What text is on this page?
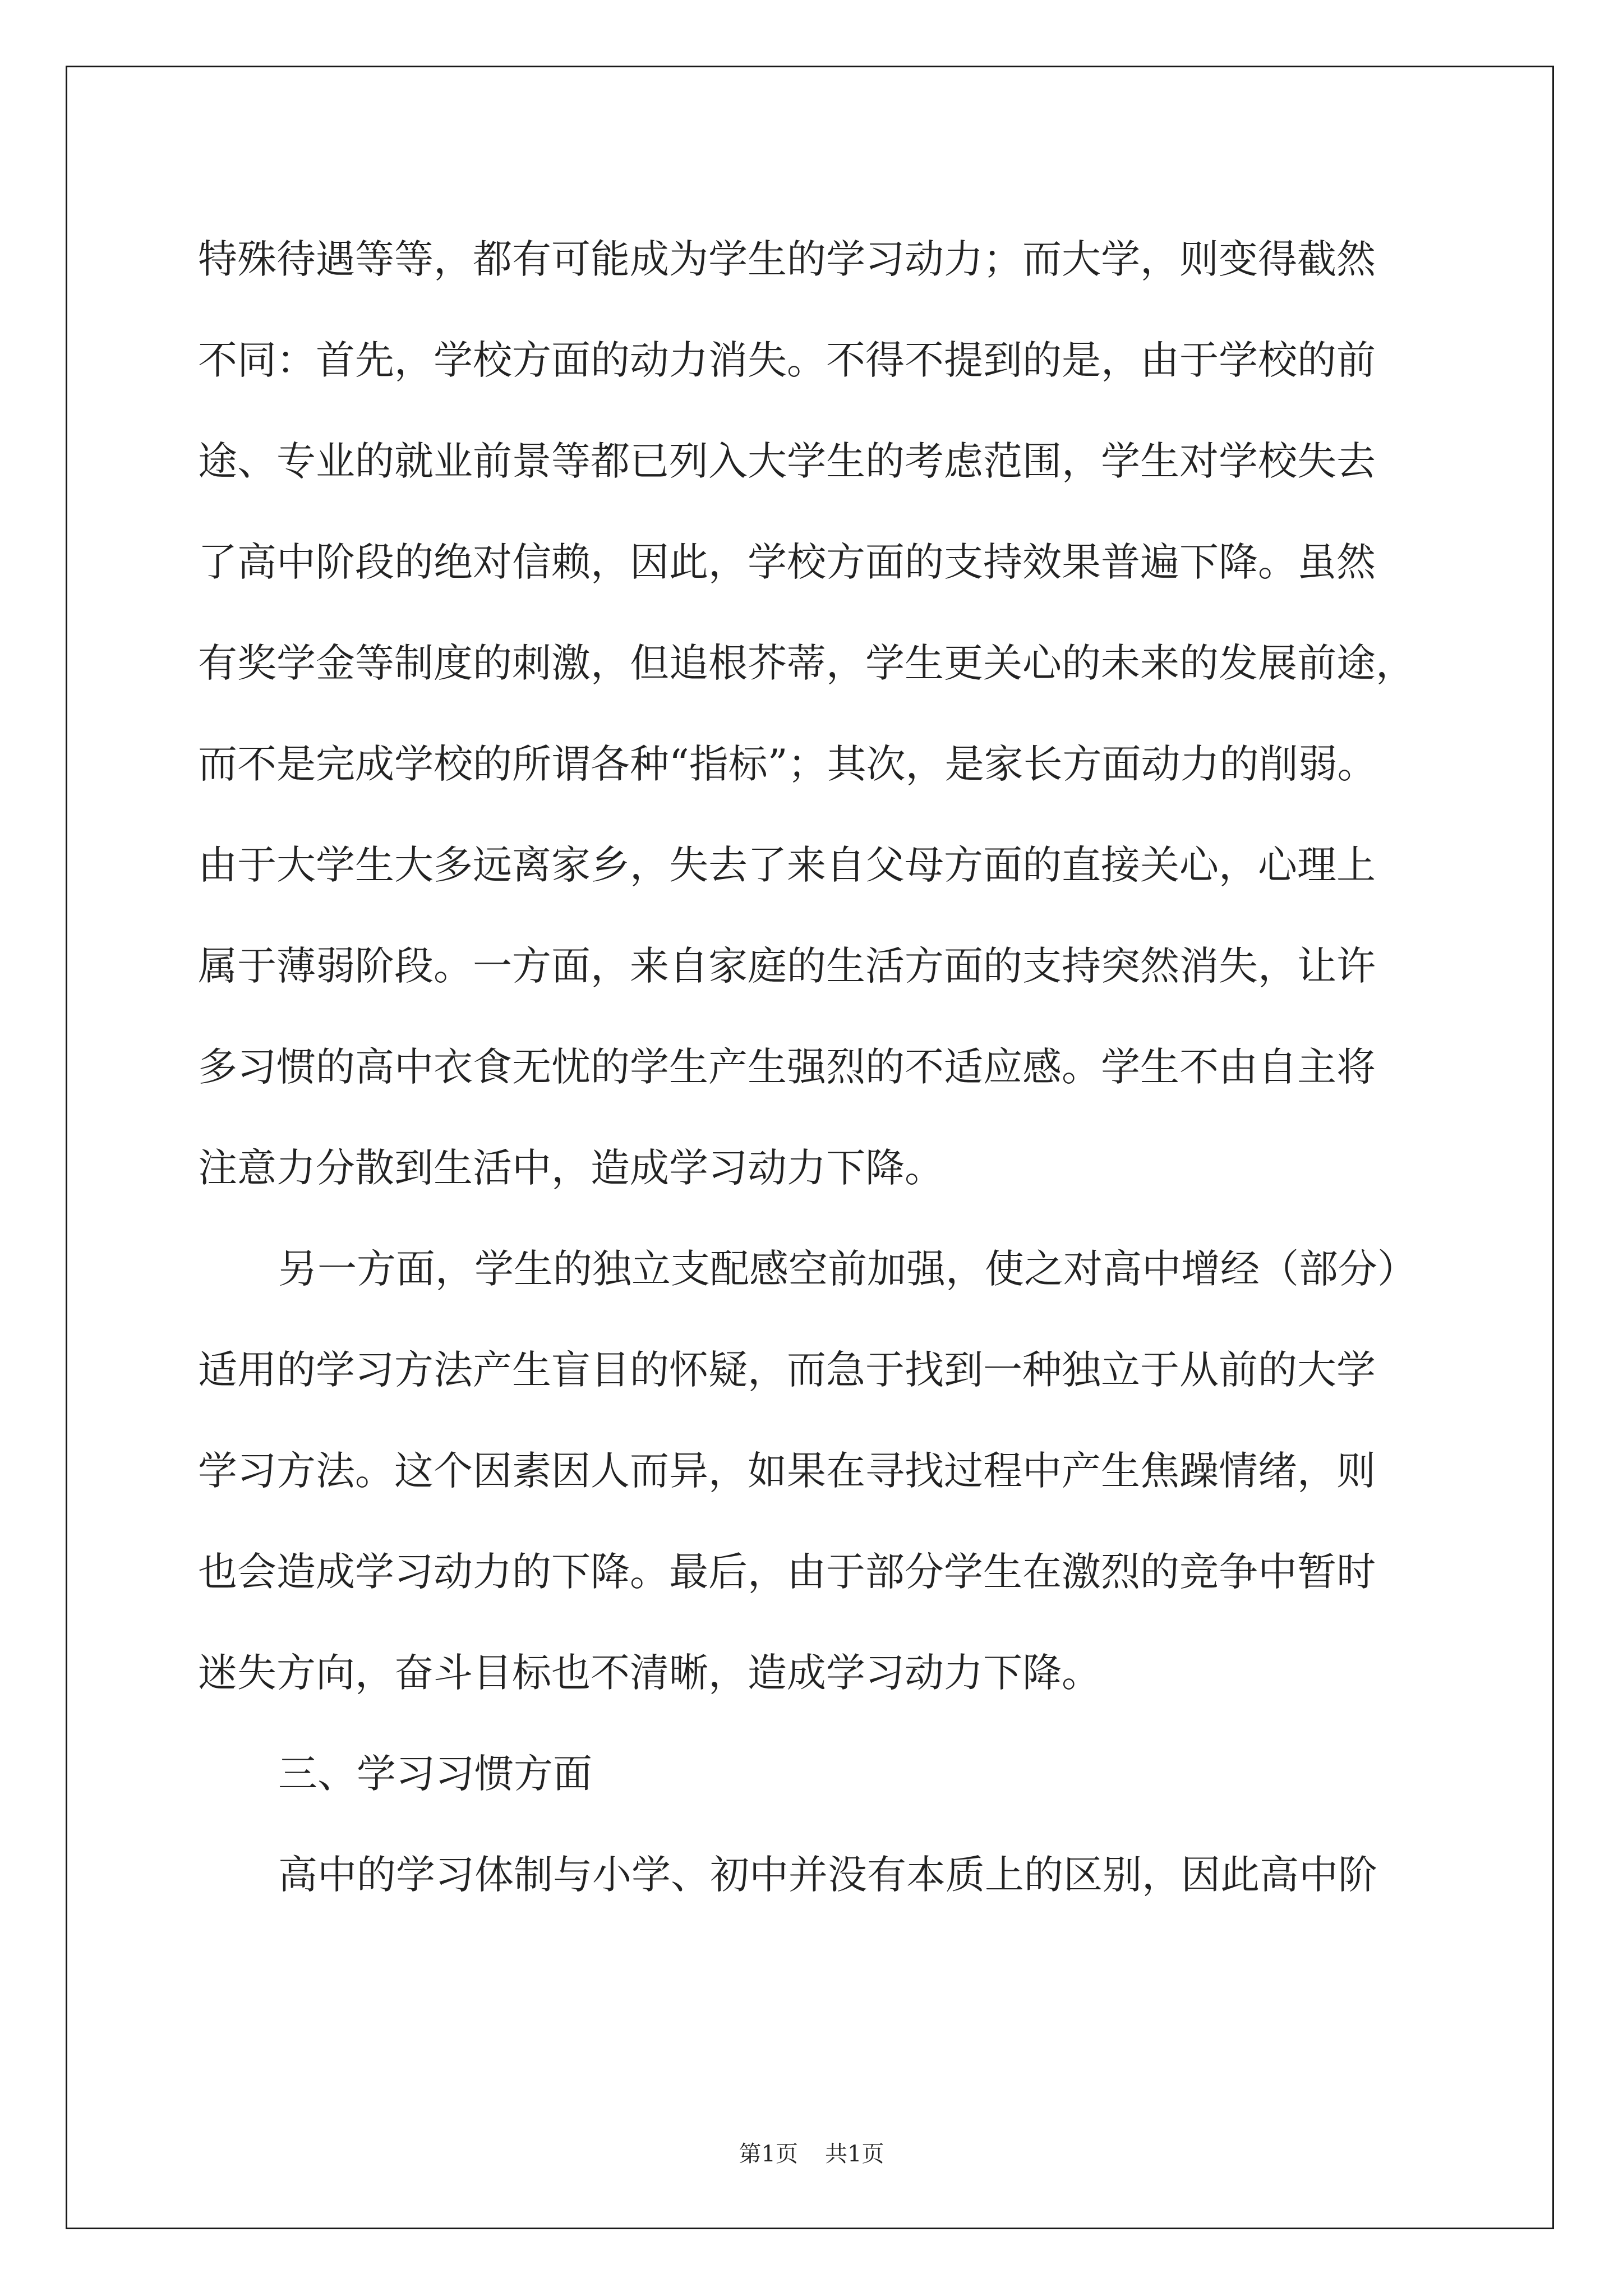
特殊待遇等等，都有可能成为学生的学习动力；而大学，则变得截然

不同：首先，学校方面的动力消失。不得不提到的是，由于学校的前

途、专业的就业前景等都已列入大学生的考虑范围，学生对学校失去

了高中阶段的绝对信赖，因此，学校方面的支持效果普遍下降。虽然

有奖学金等制度的刺激，但追根芥蒂，学生更关心的未来的发展前途，

而不是完成学校的所谓各种“指标”；其次，是家长方面动力的削弱。

由于大学生大多远离家乡，失去了来自父母方面的直接关心，心理上

属于薄弱阶段。一方面，来自家庭的生活方面的支持突然消失，让许

多习惯的高中衣食无忧的学生产生强烈的不适应感。学生不由自主将

注意力分散到生活中，造成学习动力下降。

另一方面，学生的独立支配感空前加强，使之对高中增经（部分）

适用的学习方法产生盲目的怀疑，而急于找到一种独立于从前的大学

学习方法。这个因素因人而异，如果在寻找过程中产生焦躁情绪，则

也会造成学习动力的下降。最后，由于部分学生在激烈的竞争中暂时

迷失方向，奋斗目标也不清晰，造成学习动力下降。

三、学习习惯方面

高中的学习体制与小学、初中并没有本质上的区别，因此高中阶

第1页 共1页
